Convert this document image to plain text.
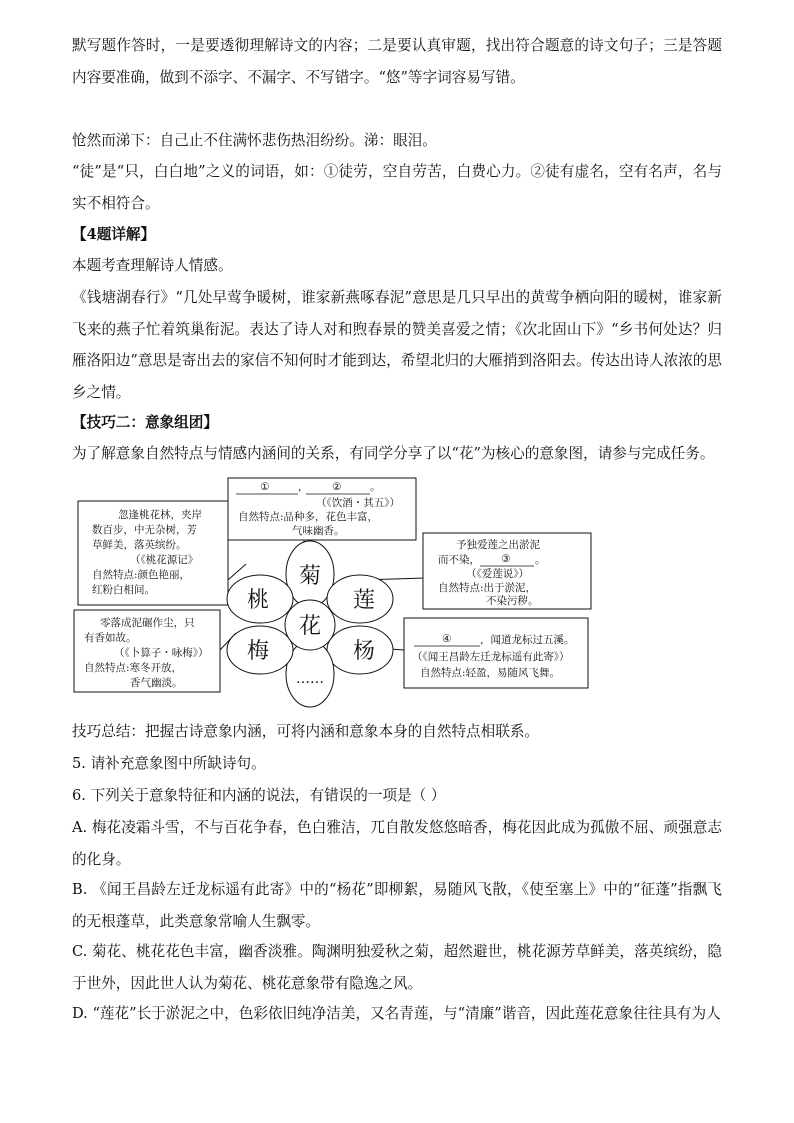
默写题作答时，一是要透彻理解诗文的内容；二是要认真审题，找出符合题意的诗文句子；三是答题内容要准确，做到不添字、不漏字、不写错字。“悠”等字词容易写错。

怆然而涕下：自己止不住满怀悲伤热泪纷纷。涕：眼泪。

“徒”是“只，白白地”之义的词语，如：①徒劳，空自劳苦，白费心力。②徒有虚名，空有名声，名与实不相符合。

【4题详解】

本题考查理解诗人情感。

《钱塘湖春行》“几处早莺争暖树，谁家新燕啄春泥”意思是几只早出的黄莺争栖向阳的暖树，谁家新飞来的燕子忙着筑巢衔泥。表达了诗人对和煦春景的赞美喜爱之情；《次北固山下》“乡书何处达？归雁洛阳边”意思是寄出去的家信不知何时才能到达，希望北归的大雁捎到洛阳去。传达出诗人浓浓的思乡之情。

【技巧二：意象组团】

为了解意象自然特点与情感内涵间的关系，有同学分享了以“花”为核心的意象图，请参与完成任务。

菊
莲
杨
梅
桃
花
……
①	， ②	。
（《饮酒・其五》）
自然特点:品种多，花色丰富，
气味幽香。
忽逢桃花林，夹岸
数百步，中无杂树，芳
草鲜美，落英缤纷。
（《桃花源记》
自然特点:颜色艳丽，
红粉白相间。
予独爱莲之出淤泥
而不染， ③ 。
（《爱莲说》）
自然特点:出于淤泥，
不染污秽。
零落成泥碾作尘，只
有香如故。
（《卜算子・咏梅》）
自然特点:寒冬开放，
香气幽淡。
④	，闻道龙标过五溪。
（《闻王昌龄左迁龙标遥有此寄》）
自然特点:轻盈，易随风飞舞。

技巧总结：把握古诗意象内涵，可将内涵和意象本身的自然特点相联系。

5. 请补充意象图中所缺诗句。

6. 下列关于意象特征和内涵的说法，有错误的一项是（ ）

A. 梅花凌霜斗雪，不与百花争春，色白雅洁，兀自散发悠悠暗香，梅花因此成为孤傲不屈、顽强意志的化身。

B. 《闻王昌龄左迁龙标遥有此寄》中的“杨花”即柳絮，易随风飞散，《使至塞上》中的“征蓬”指飘飞的无根蓬草，此类意象常喻人生飘零。

C. 菊花、桃花花色丰富，幽香淡雅。陶渊明独爱秋之菊，超然避世，桃花源芳草鲜美，落英缤纷，隐于世外，因此世人认为菊花、桃花意象带有隐逸之风。

D. “莲花”长于淤泥之中，色彩依旧纯净洁美，又名青莲，与“清廉”谐音，因此莲花意象往往具有为人
